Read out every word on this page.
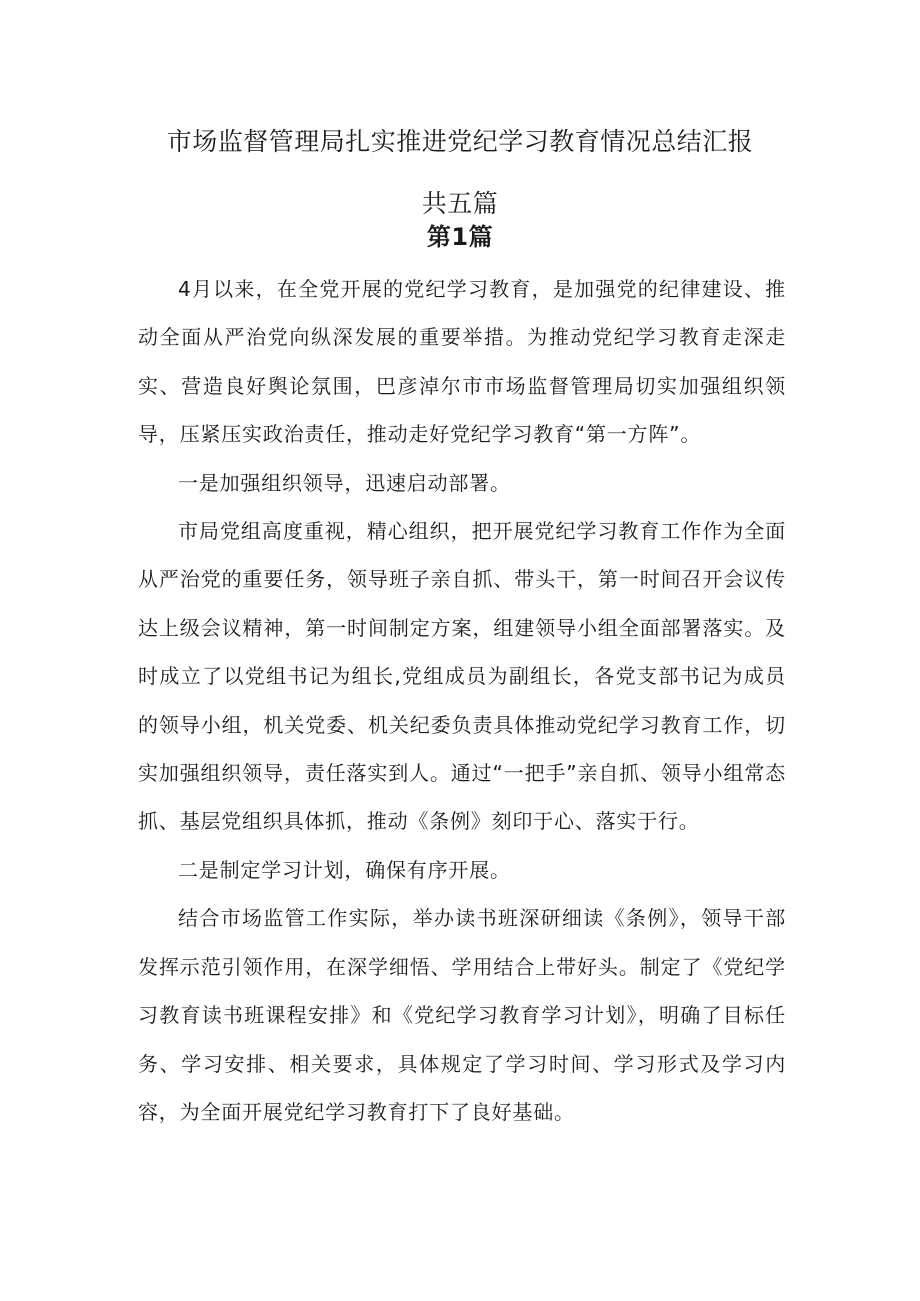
市场监督管理局扎实推进党纪学习教育情况总结汇报
共五篇
第1篇

4月以来，在全党开展的党纪学习教育，是加强党的纪律建设、推动全面从严治党向纵深发展的重要举措。为推动党纪学习教育走深走实、营造良好舆论氛围，巴彦淖尔市市场监督管理局切实加强组织领导，压紧压实政治责任，推动走好党纪学习教育“第一方阵”。

一是加强组织领导，迅速启动部署。

市局党组高度重视，精心组织，把开展党纪学习教育工作作为全面从严治党的重要任务，领导班子亲自抓、带头干，第一时间召开会议传达上级会议精神，第一时间制定方案，组建领导小组全面部署落实。及时成立了以党组书记为组长,党组成员为副组长，各党支部书记为成员的领导小组，机关党委、机关纪委负责具体推动党纪学习教育工作，切实加强组织领导，责任落实到人。通过“一把手”亲自抓、领导小组常态抓、基层党组织具体抓，推动《条例》刻印于心、落实于行。

二是制定学习计划，确保有序开展。

结合市场监管工作实际，举办读书班深研细读《条例》，领导干部发挥示范引领作用，在深学细悟、学用结合上带好头。制定了《党纪学习教育读书班课程安排》和《党纪学习教育学习计划》，明确了目标任务、学习安排、相关要求，具体规定了学习时间、学习形式及学习内容，为全面开展党纪学习教育打下了良好基础。
